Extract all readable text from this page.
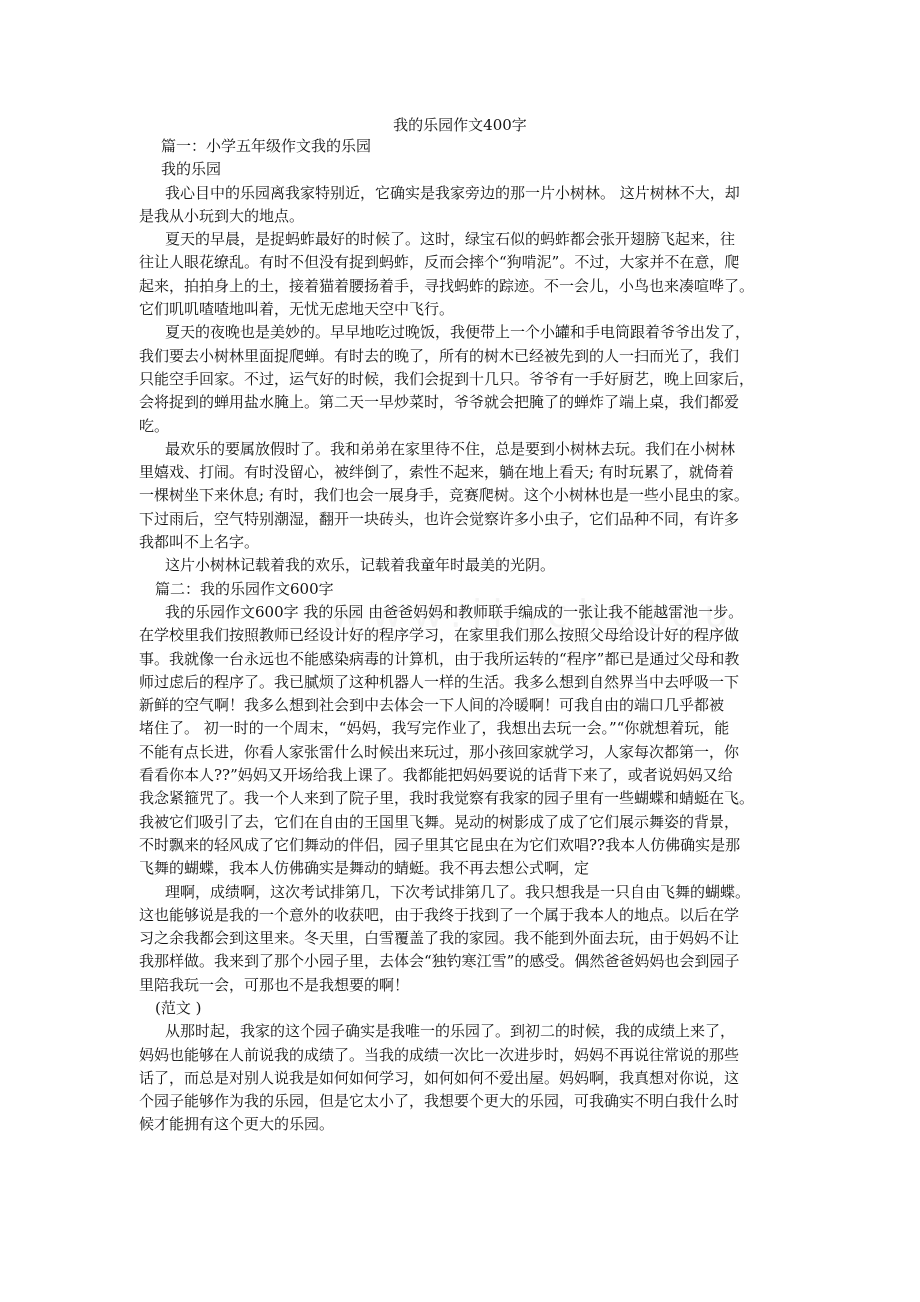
我的乐园作文400字

篇一：小学五年级作文我的乐园

我的乐园

我心目中的乐园离我家特别近，它确实是我家旁边的那一片小树林。 这片树林不大，却

是我从小玩到大的地点。

夏天的早晨，是捉蚂蚱最好的时候了。这时，绿宝石似的蚂蚱都会张开翅膀飞起来，往

往让人眼花缭乱。有时不但没有捉到蚂蚱，反而会摔个“狗啃泥”。不过，大家并不在意，爬

起来，拍拍身上的土，接着猫着腰扬着手，寻找蚂蚱的踪迹。不一会儿，小鸟也来凑喧哗了。

它们叽叽喳喳地叫着，无忧无虑地天空中飞行。

夏天的夜晚也是美妙的。早早地吃过晚饭，我便带上一个小罐和手电筒跟着爷爷出发了，

我们要去小树林里面捉爬蝉。有时去的晚了，所有的树木已经被先到的人一扫而光了，我们

只能空手回家。不过，运气好的时候，我们会捉到十几只。爷爷有一手好厨艺，晚上回家后，

会将捉到的蝉用盐水腌上。第二天一早炒菜时，爷爷就会把腌了的蝉炸了端上桌，我们都爱

吃。

最欢乐的要属放假时了。我和弟弟在家里待不住，总是要到小树林去玩。我们在小树林

里嬉戏、打闹。有时没留心，被绊倒了，索性不起来，躺在地上看天; 有时玩累了，就倚着

一棵树坐下来休息; 有时，我们也会一展身手，竞赛爬树。这个小树林也是一些小昆虫的家。

下过雨后，空气特别潮湿，翻开一块砖头，也许会觉察许多小虫子，它们品种不同，有许多

我都叫不上名字。

这片小树林记载着我的欢乐，记载着我童年时最美的光阴。

篇二：我的乐园作文600字

我的乐园作文600字 我的乐园 由爸爸妈妈和教师联手编成的一张让我不能越雷池一步。

在学校里我们按照教师已经设计好的程序学习，在家里我们那么按照父母给设计好的程序做

事。我就像一台永远也不能感染病毒的计算机，由于我所运转的“程序”都已是通过父母和教

师过虑后的程序了。我已腻烦了这种机器人一样的生活。我多么想到自然界当中去呼吸一下

新鲜的空气啊！我多么想到社会到中去体会一下人间的冷暖啊！可我自由的端口几乎都被

堵住了。 初一时的一个周末，“妈妈，我写完作业了，我想出去玩一会。”“你就想着玩，能

不能有点长进，你看人家张雷什么时候出来玩过，那小孩回家就学习，人家每次都第一，你

看看你本人??”妈妈又开场给我上课了。我都能把妈妈要说的话背下来了，或者说妈妈又给

我念紧箍咒了。我一个人来到了院子里，我时我觉察有我家的园子里有一些蝴蝶和蜻蜓在飞。

我被它们吸引了去，它们在自由的王国里飞舞。晃动的树影成了成了它们展示舞姿的背景，

不时飘来的轻风成了它们舞动的伴侣，园子里其它昆虫在为它们欢唱??我本人仿佛确实是那

飞舞的蝴蝶，我本人仿佛确实是舞动的蜻蜓。我不再去想公式啊，定

理啊，成绩啊，这次考试排第几，下次考试排第几了。我只想我是一只自由飞舞的蝴蝶。

这也能够说是我的一个意外的收获吧，由于我终于找到了一个属于我本人的地点。以后在学

习之余我都会到这里来。冬天里，白雪覆盖了我的家园。我不能到外面去玩，由于妈妈不让

我那样做。我来到了那个小园子里，去体会“独钓寒江雪”的感受。偶然爸爸妈妈也会到园子

里陪我玩一会，可那也不是我想要的啊！

(范文 )

从那时起，我家的这个园子确实是我唯一的乐园了。到初二的时候，我的成绩上来了，

妈妈也能够在人前说我的成绩了。当我的成绩一次比一次进步时，妈妈不再说往常说的那些

话了，而总是对别人说我是如何如何学习，如何如何不爱出屋。妈妈啊，我真想对你说，这

个园子能够作为我的乐园，但是它太小了，我想要个更大的乐园，可我确实不明白我什么时

候才能拥有这个更大的乐园。
